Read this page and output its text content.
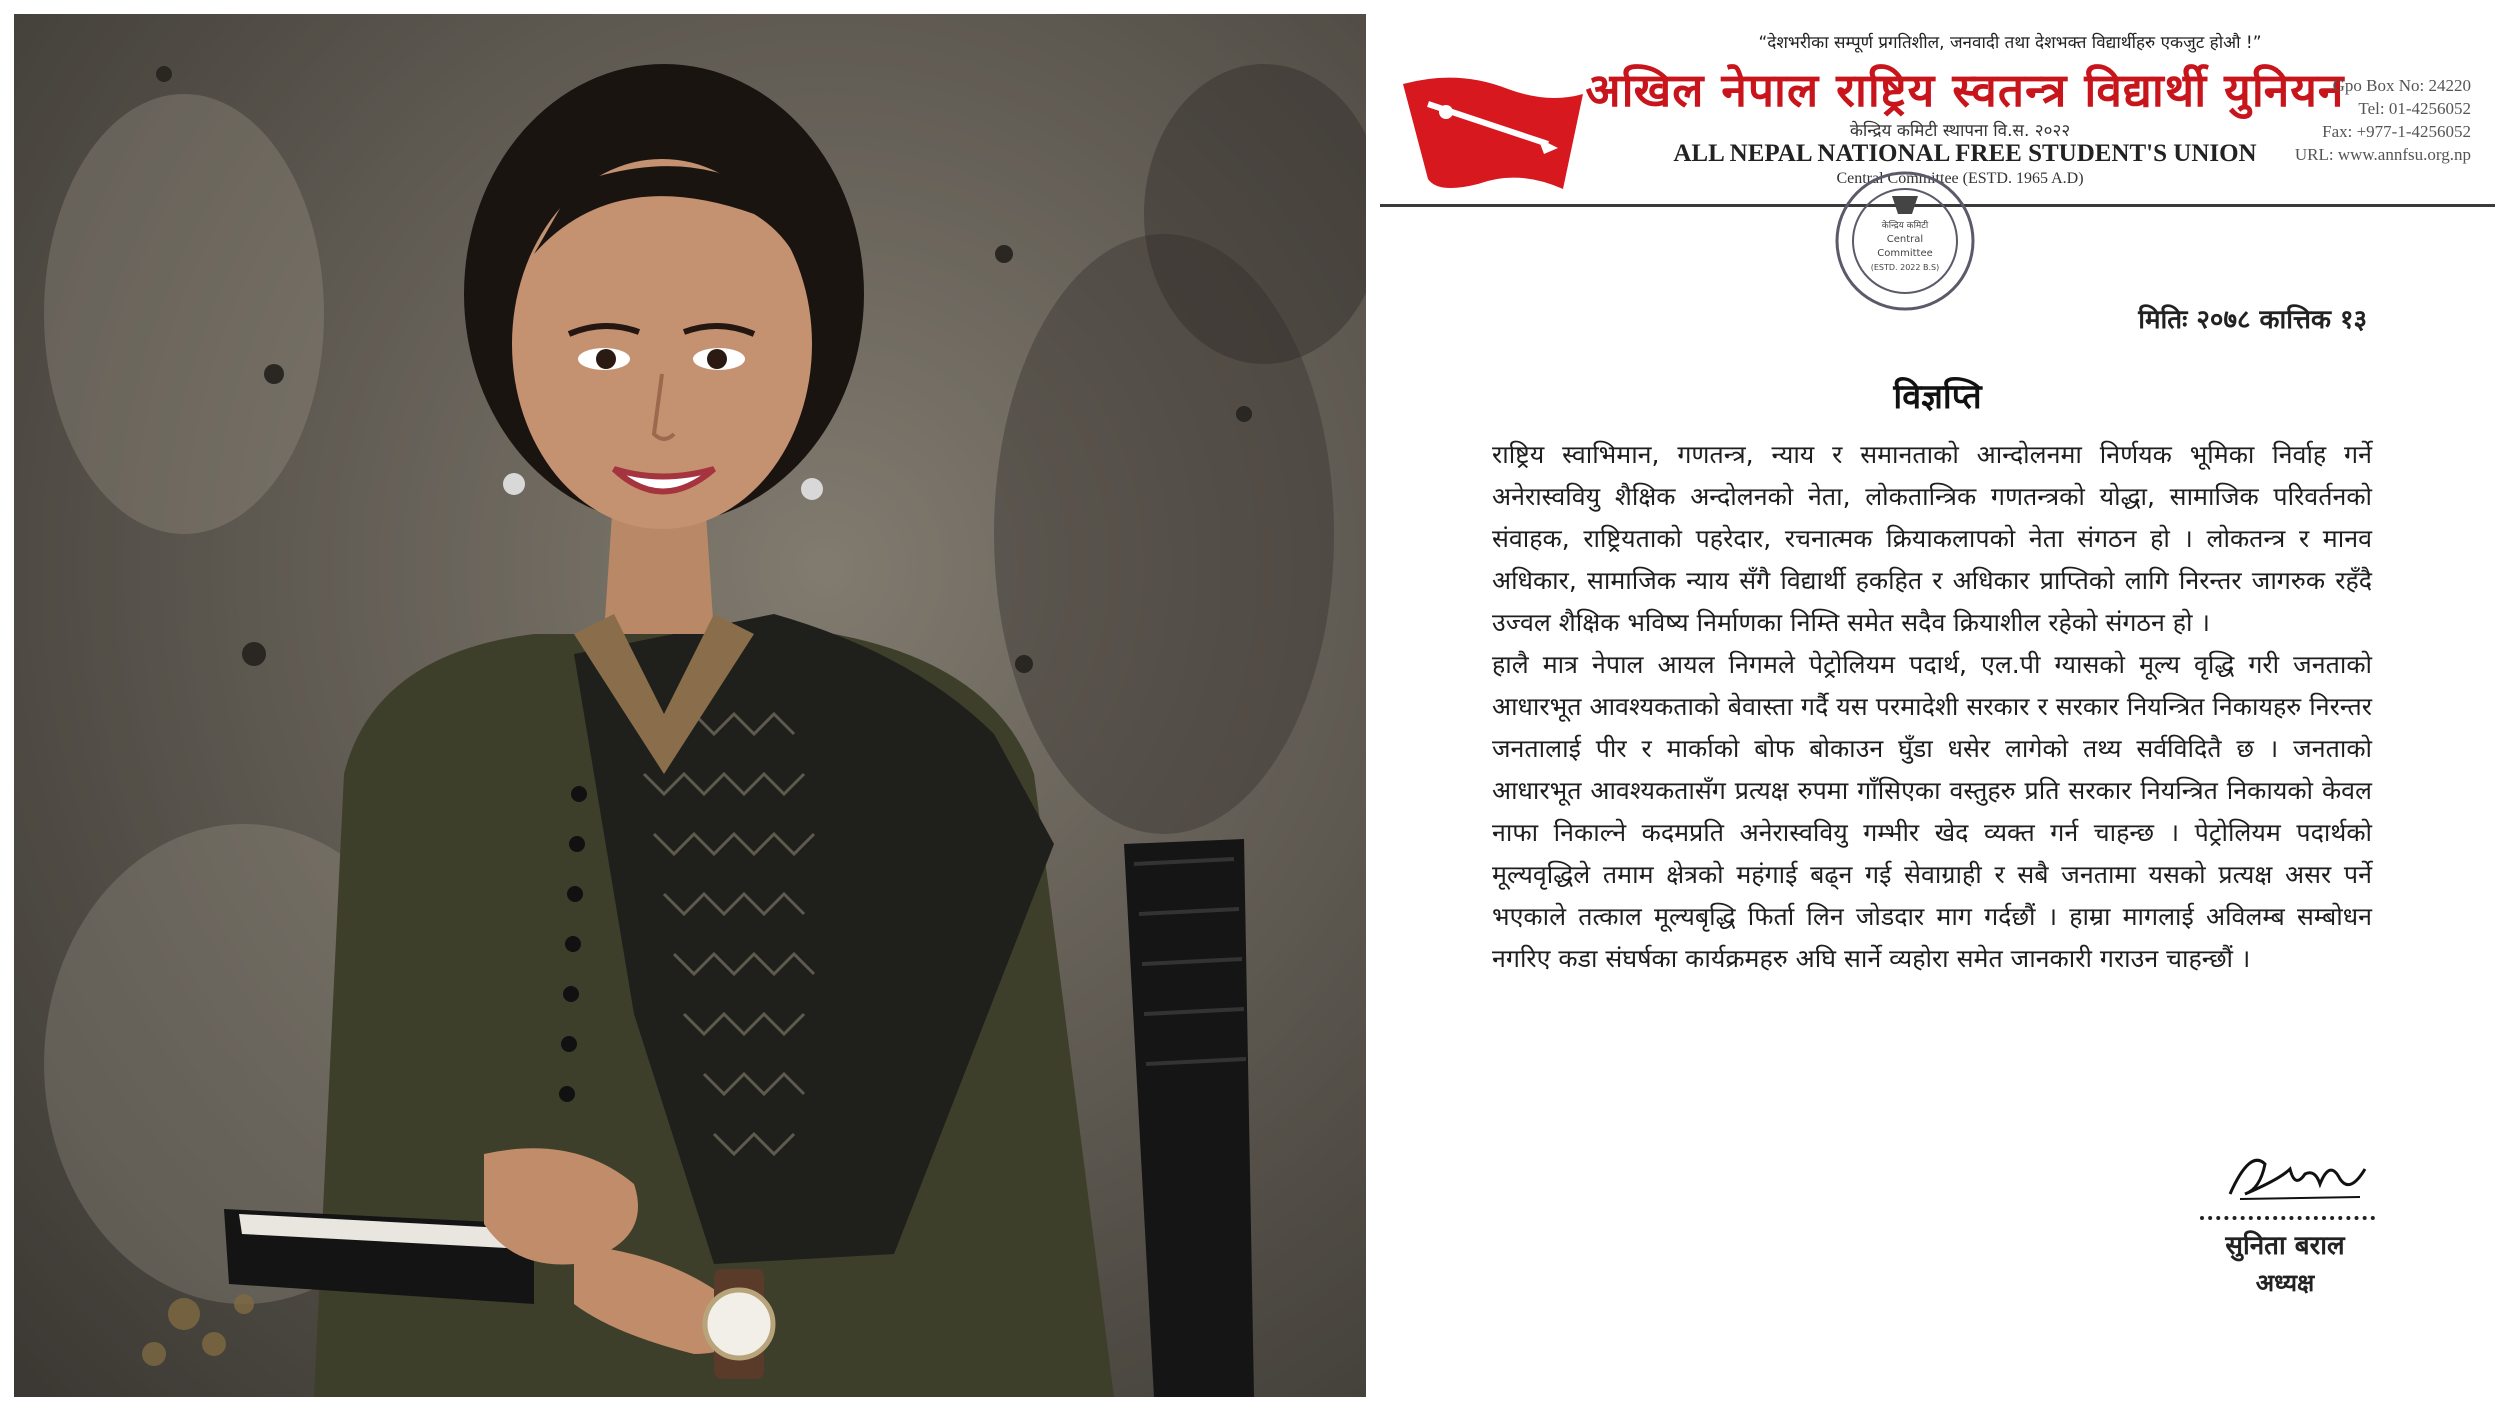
“देशभरीका सम्पूर्ण प्रगतिशील, जनवादी तथा देशभक्त विद्यार्थीहरु एकजुट होऔ !”
अखिल नेपाल राष्ट्रिय स्वतन्त्र विद्यार्थी युनियन
केन्द्रिय कमिटी स्थापना वि.स. २०२२
ALL NEPAL NATIONAL FREE STUDENT'S UNION
Central Committee (ESTD. 1965 A.D)
Gpo Box No: 24220
Tel: 01-4256052
Fax: +977-1-4256052
URL: www.annfsu.org.np
केन्द्रिय कमिटी
Central
Committee
(ESTD. 2022 B.S)
मितिः २०७८ कात्तिक १३
विज्ञप्ति

राष्ट्रिय स्वाभिमान, गणतन्त्र, न्याय र समानताको आन्दोलनमा निर्णयक भूमिका निर्वाह गर्ने अनेरास्ववियु शैक्षिक अन्दोलनको नेता, लोकतान्त्रिक गणतन्त्रको योद्धा, सामाजिक परिवर्तनको संवाहक, राष्ट्रियताको पहरेदार, रचनात्मक क्रियाकलापको नेता संगठन हो । लोकतन्त्र र मानव अधिकार, सामाजिक न्याय सँगै विद्यार्थी हकहित र अधिकार प्राप्तिको लागि निरन्तर जागरुक रहँदै उज्वल शैक्षिक भविष्य निर्माणका निम्ति समेत सदैव क्रियाशील रहेको संगठन हो ।

हालै मात्र नेपाल आयल निगमले पेट्रोलियम पदार्थ, एल.पी ग्यासको मूल्य वृद्धि गरी जनताको आधारभूत आवश्यकताको बेवास्ता गर्दै यस परमादेशी सरकार र सरकार नियन्त्रित निकायहरु निरन्तर जनतालाई पीर र मार्काको बोफ बोकाउन घुँडा धसेर लागेको तथ्य सर्वविदितै छ । जनताको आधारभूत आवश्यकतासँग प्रत्यक्ष रुपमा गाँसिएका वस्तुहरु प्रति सरकार नियन्त्रित निकायको केवल नाफा निकाल्ने कदमप्रति अनेरास्ववियु गम्भीर खेद व्यक्त गर्न चाहन्छ । पेट्रोलियम पदार्थको मूल्यवृद्धिले तमाम क्षेत्रको महंगाई बढ्न गई सेवाग्राही र सबै जनतामा यसको प्रत्यक्ष असर पर्ने भएकाले तत्काल मूल्यबृद्धि फिर्ता लिन जोडदार माग गर्दछौं । हाम्रा मागलाई अविलम्ब सम्बोधन नगरिए कडा संघर्षका कार्यक्रमहरु अघि सार्ने व्यहोरा समेत जानकारी गराउन चाहन्छौं ।

सुनिता बराल
अध्यक्ष
